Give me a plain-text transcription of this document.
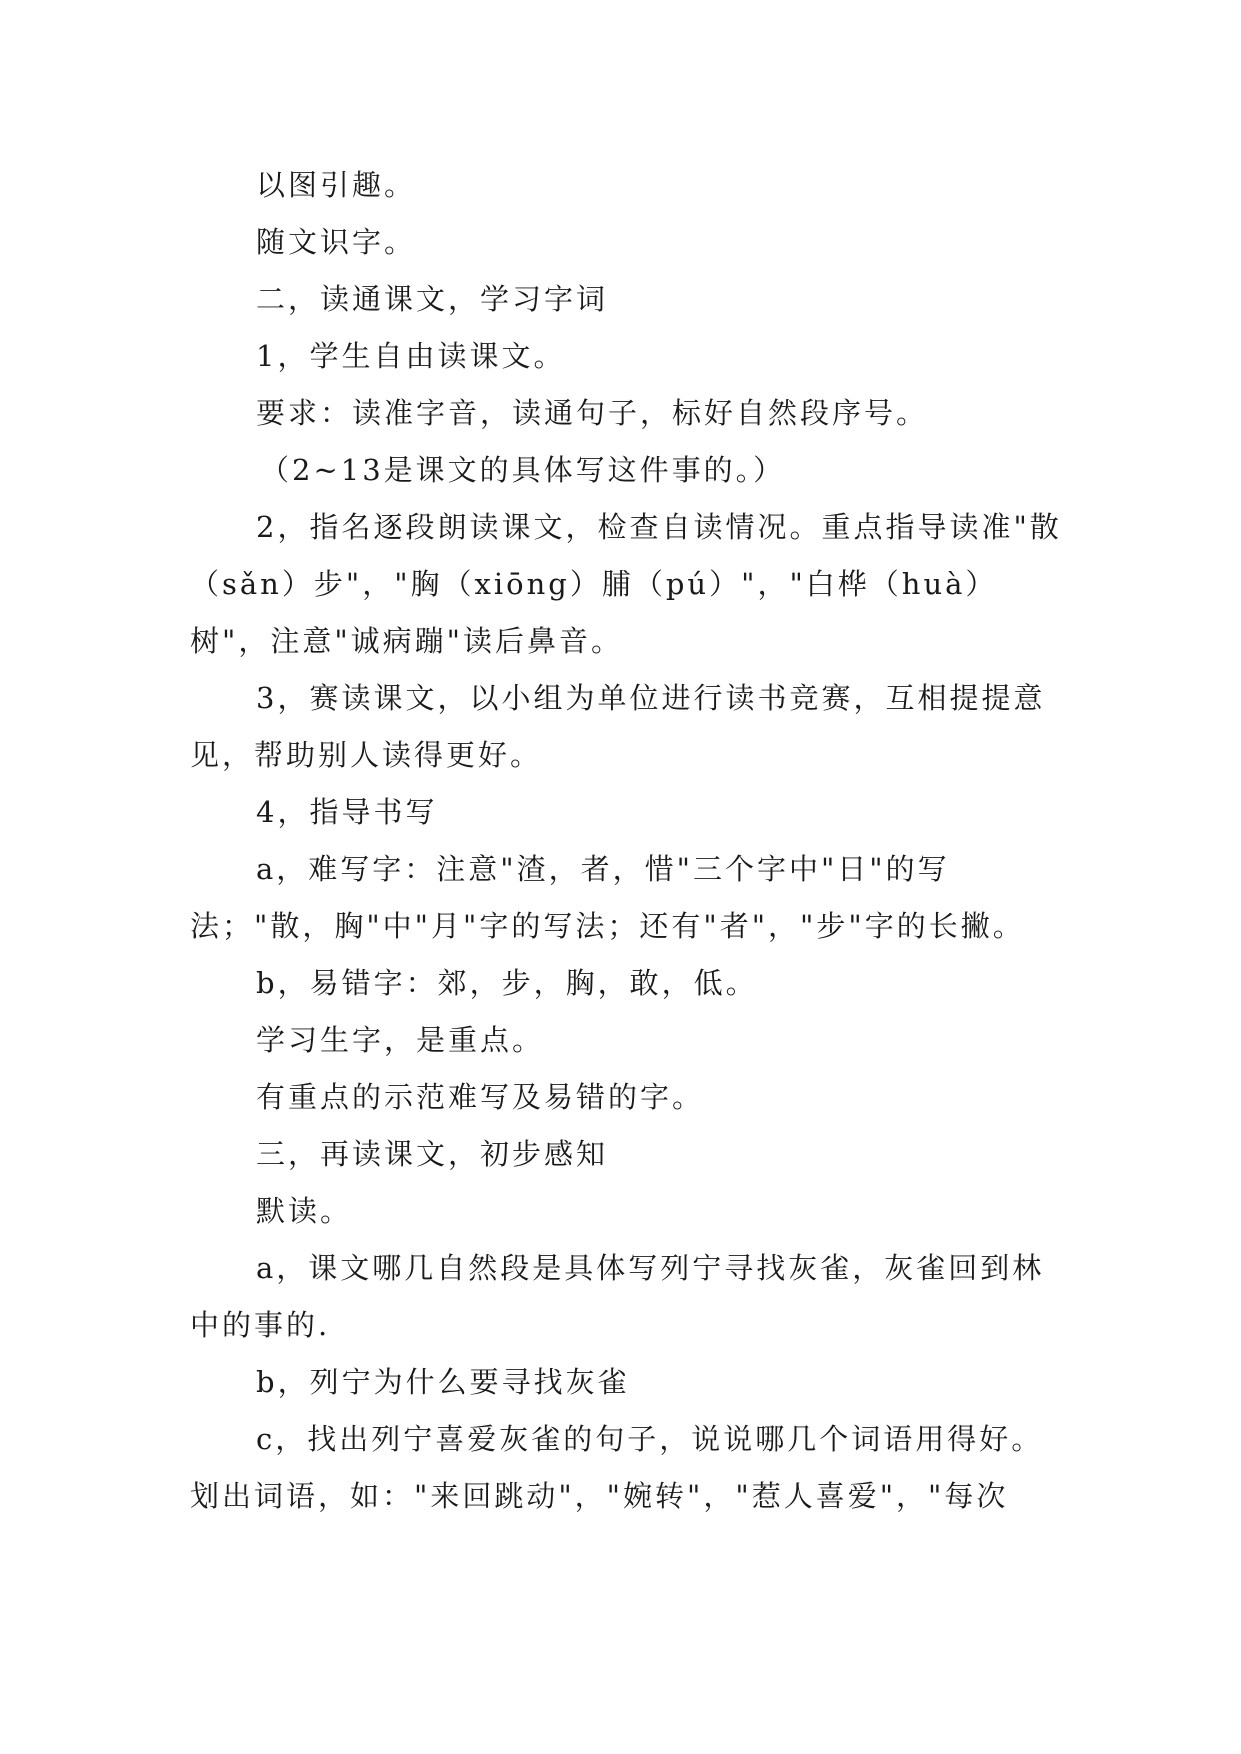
以图引趣。

随文识字。

二，读通课文，学习字词

1，学生自由读课文。

要求：读准字音，读通句子，标好自然段序号。

（2~13是课文的具体写这件事的。）

2，指名逐段朗读课文，检查自读情况。重点指导读准"散（sǎn）步"，"胸（xiōng）脯（pú）"，"白桦（huà）树"，注意"诚病蹦"读后鼻音。

3，赛读课文，以小组为单位进行读书竞赛，互相提提意见，帮助别人读得更好。

4，指导书写

a，难写字：注意"渣，者，惜"三个字中"日"的写法；"散，胸"中"月"字的写法；还有"者"，"步"字的长撇。

b，易错字：郊，步，胸，敢，低。

学习生字，是重点。

有重点的示范难写及易错的字。

三，再读课文，初步感知

默读。

a，课文哪几自然段是具体写列宁寻找灰雀，灰雀回到林中的事的.

b，列宁为什么要寻找灰雀

c，找出列宁喜爱灰雀的句子，说说哪几个词语用得好。划出词语，如："来回跳动"，"婉转"，"惹人喜爱"，"每次
